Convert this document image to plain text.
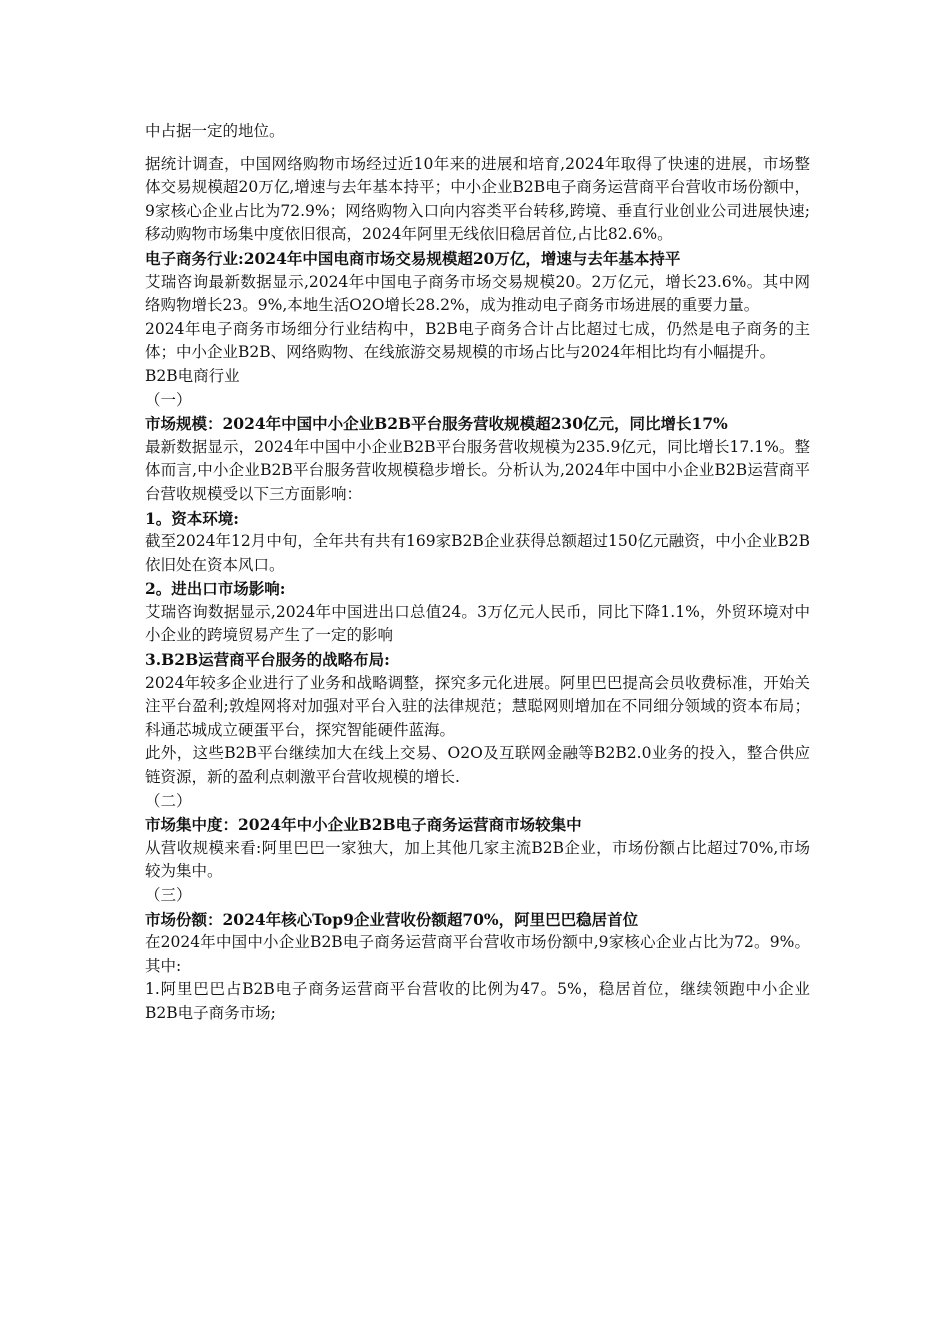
中占据一定的地位。

据统计调查，中国网络购物市场经过近10年来的进展和培育,2024年取得了快速的进展，市场整体交易规模超20万亿,增速与去年基本持平；中小企业B2B电子商务运营商平台营收市场份额中，9家核心企业占比为72.9%；网络购物入口向内容类平台转移,跨境、垂直行业创业公司进展快速;移动购物市场集中度依旧很高，2024年阿里无线依旧稳居首位,占比82.6%。

电子商务行业:2024年中国电商市场交易规模超20万亿，增速与去年基本持平

艾瑞咨询最新数据显示,2024年中国电子商务市场交易规模20。2万亿元，增长23.6%。其中网络购物增长23。9%,本地生活O2O增长28.2%，成为推动电子商务市场进展的重要力量。

2024年电子商务市场细分行业结构中，B2B电子商务合计占比超过七成，仍然是电子商务的主体；中小企业B2B、网络购物、在线旅游交易规模的市场占比与2024年相比均有小幅提升。

B2B电商行业

（一）

市场规模：2024年中国中小企业B2B平台服务营收规模超230亿元，同比增长17%

最新数据显示，2024年中国中小企业B2B平台服务营收规模为235.9亿元，同比增长17.1%。整体而言,中小企业B2B平台服务营收规模稳步增长。分析认为,2024年中国中小企业B2B运营商平台营收规模受以下三方面影响：

1。资本环境:

截至2024年12月中旬，全年共有共有169家B2B企业获得总额超过150亿元融资，中小企业B2B依旧处在资本风口。

2。进出口市场影响:

艾瑞咨询数据显示,2024年中国进出口总值24。3万亿元人民币，同比下降1.1%，外贸环境对中小企业的跨境贸易产生了一定的影响

3.B2B运营商平台服务的战略布局:

2024年较多企业进行了业务和战略调整，探究多元化进展。阿里巴巴提高会员收费标准，开始关注平台盈利;敦煌网将对加强对平台入驻的法律规范；慧聪网则增加在不同细分领域的资本布局；科通芯城成立硬蛋平台，探究智能硬件蓝海。

此外，这些B2B平台继续加大在线上交易、O2O及互联网金融等B2B2.0业务的投入，整合供应链资源，新的盈利点刺激平台营收规模的增长.

（二）

市场集中度：2024年中小企业B2B电子商务运营商市场较集中

从营收规模来看:阿里巴巴一家独大，加上其他几家主流B2B企业，市场份额占比超过70%,市场较为集中。

（三）

市场份额：2024年核心Top9企业营收份额超70%，阿里巴巴稳居首位

在2024年中国中小企业B2B电子商务运营商平台营收市场份额中,9家核心企业占比为72。9%。其中:

1.阿里巴巴占B2B电子商务运营商平台营收的比例为47。5%，稳居首位，继续领跑中小企业B2B电子商务市场;
